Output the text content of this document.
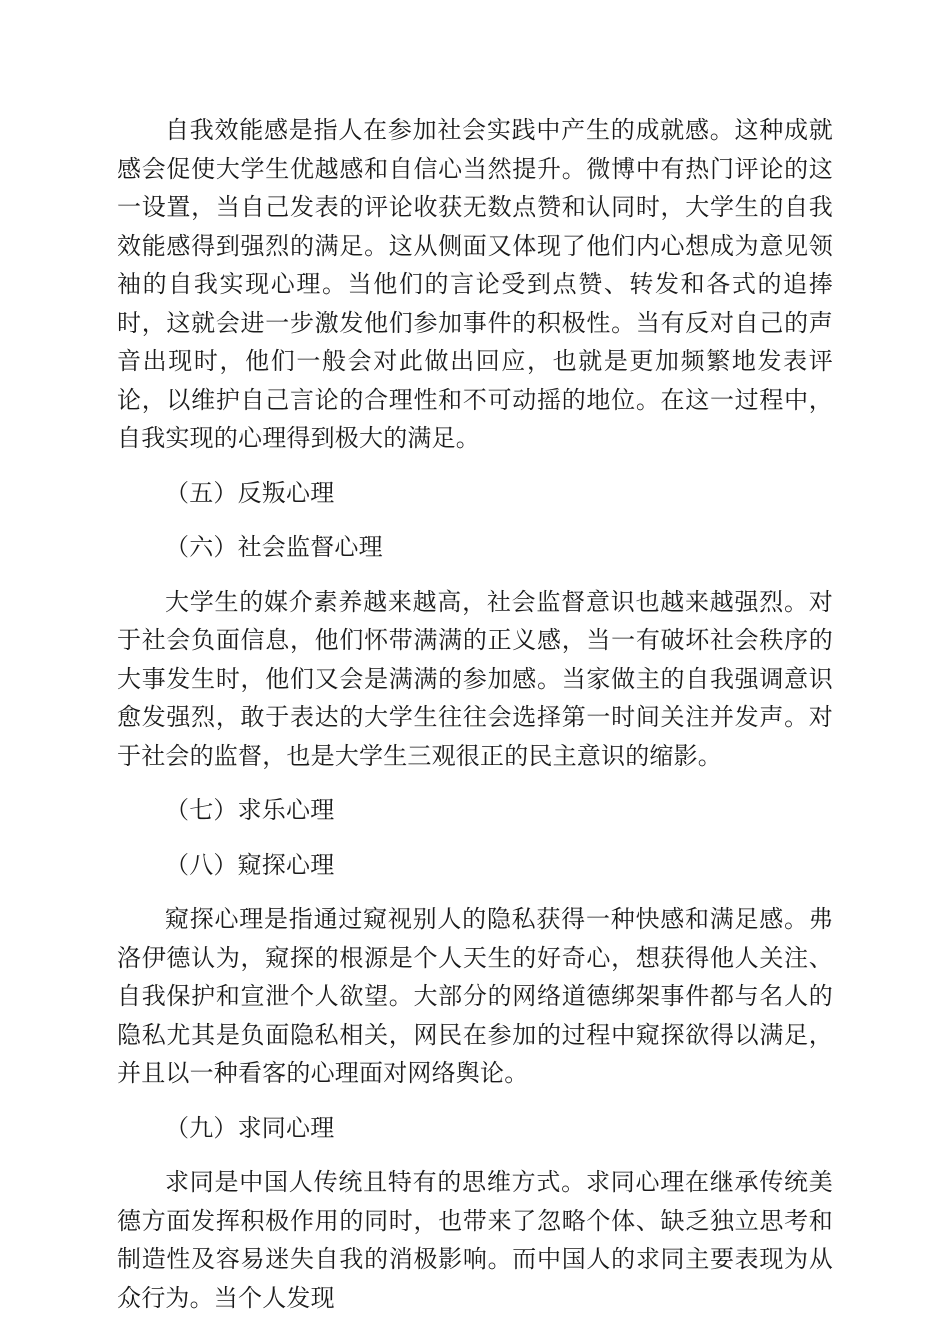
自我效能感是指人在参加社会实践中产生的成就感。这种成就感会促使大学生优越感和自信心当然提升。微博中有热门评论的这一设置，当自己发表的评论收获无数点赞和认同时，大学生的自我效能感得到强烈的满足。这从侧面又体现了他们内心想成为意见领袖的自我实现心理。当他们的言论受到点赞、转发和各式的追捧时，这就会进一步激发他们参加事件的积极性。当有反对自己的声音出现时，他们一般会对此做出回应，也就是更加频繁地发表评论，以维护自己言论的合理性和不可动摇的地位。在这一过程中，自我实现的心理得到极大的满足。

（五）反叛心理

（六）社会监督心理

大学生的媒介素养越来越高，社会监督意识也越来越强烈。对于社会负面信息，他们怀带满满的正义感，当一有破坏社会秩序的大事发生时，他们又会是满满的参加感。当家做主的自我强调意识愈发强烈，敢于表达的大学生往往会选择第一时间关注并发声。对于社会的监督，也是大学生三观很正的民主意识的缩影。

（七）求乐心理

（八）窥探心理

窥探心理是指通过窥视别人的隐私获得一种快感和满足感。弗洛伊德认为，窥探的根源是个人天生的好奇心，想获得他人关注、自我保护和宣泄个人欲望。大部分的网络道德绑架事件都与名人的隐私尤其是负面隐私相关，网民在参加的过程中窥探欲得以满足，并且以一种看客的心理面对网络舆论。

（九）求同心理

求同是中国人传统且特有的思维方式。求同心理在继承传统美德方面发挥积极作用的同时，也带来了忽略个体、缺乏独立思考和制造性及容易迷失自我的消极影响。而中国人的求同主要表现为从众行为。当个人发现
